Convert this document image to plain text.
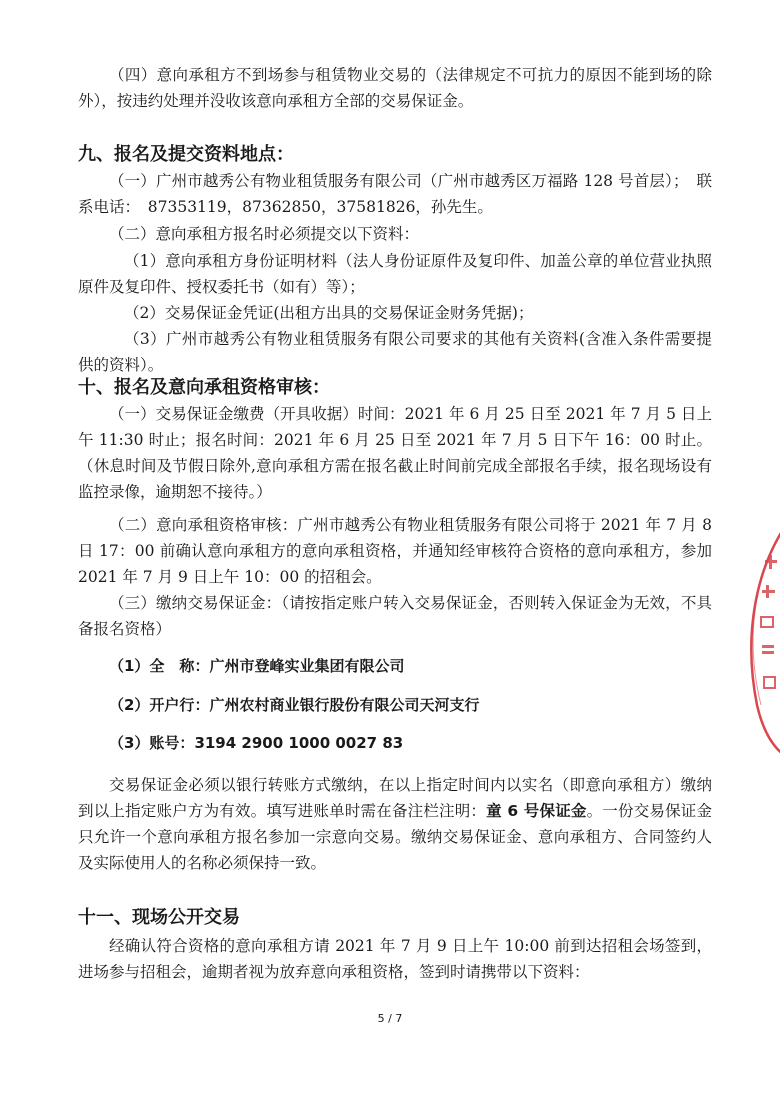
（四）意向承租方不到场参与租赁物业交易的（法律规定不可抗力的原因不能到场的除外），按违约处理并没收该意向承租方全部的交易保证金。
九、报名及提交资料地点：
（一）广州市越秀公有物业租赁服务有限公司（广州市越秀区万福路 128 号首层）；　联系电话：　87353119，87362850，37581826，孙先生。
（二）意向承租方报名时必须提交以下资料：
（1）意向承租方身份证明材料（法人身份证原件及复印件、加盖公章的单位营业执照原件及复印件、授权委托书（如有）等）；
（2）交易保证金凭证(出租方出具的交易保证金财务凭据)；
（3）广州市越秀公有物业租赁服务有限公司要求的其他有关资料(含准入条件需要提供的资料）。
十、报名及意向承租资格审核：
（一）交易保证金缴费（开具收据）时间：2021 年 6 月 25 日至 2021 年 7 月 5 日上午 11:30 时止；报名时间：2021 年 6 月 25 日至 2021 年 7 月 5 日下午 16：00 时止。（休息时间及节假日除外,意向承租方需在报名截止时间前完成全部报名手续，报名现场设有监控录像，逾期恕不接待。）
（二）意向承租资格审核：广州市越秀公有物业租赁服务有限公司将于 2021 年 7 月 8 日 17：00 前确认意向承租方的意向承租资格，并通知经审核符合资格的意向承租方，参加 2021 年 7 月 9 日上午 10：00 的招租会。
（三）缴纳交易保证金：（请按指定账户转入交易保证金，否则转入保证金为无效，不具备报名资格）
（1）全　称：广州市登峰实业集团有限公司
（2）开户行：广州农村商业银行股份有限公司天河支行
（3）账号：3194 2900 1000 0027 83
交易保证金必须以银行转账方式缴纳，在以上指定时间内以实名（即意向承租方）缴纳到以上指定账户方为有效。填写进账单时需在备注栏注明：童 6 号保证金。一份交易保证金只允许一个意向承租方报名参加一宗意向交易。缴纳交易保证金、意向承租方、合同签约人及实际使用人的名称必须保持一致。
十一、现场公开交易
经确认符合资格的意向承租方请 2021 年 7 月 9 日上午 10:00 前到达招租会场签到，进场参与招租会，逾期者视为放弃意向承租资格，签到时请携带以下资料：
5 / 7
